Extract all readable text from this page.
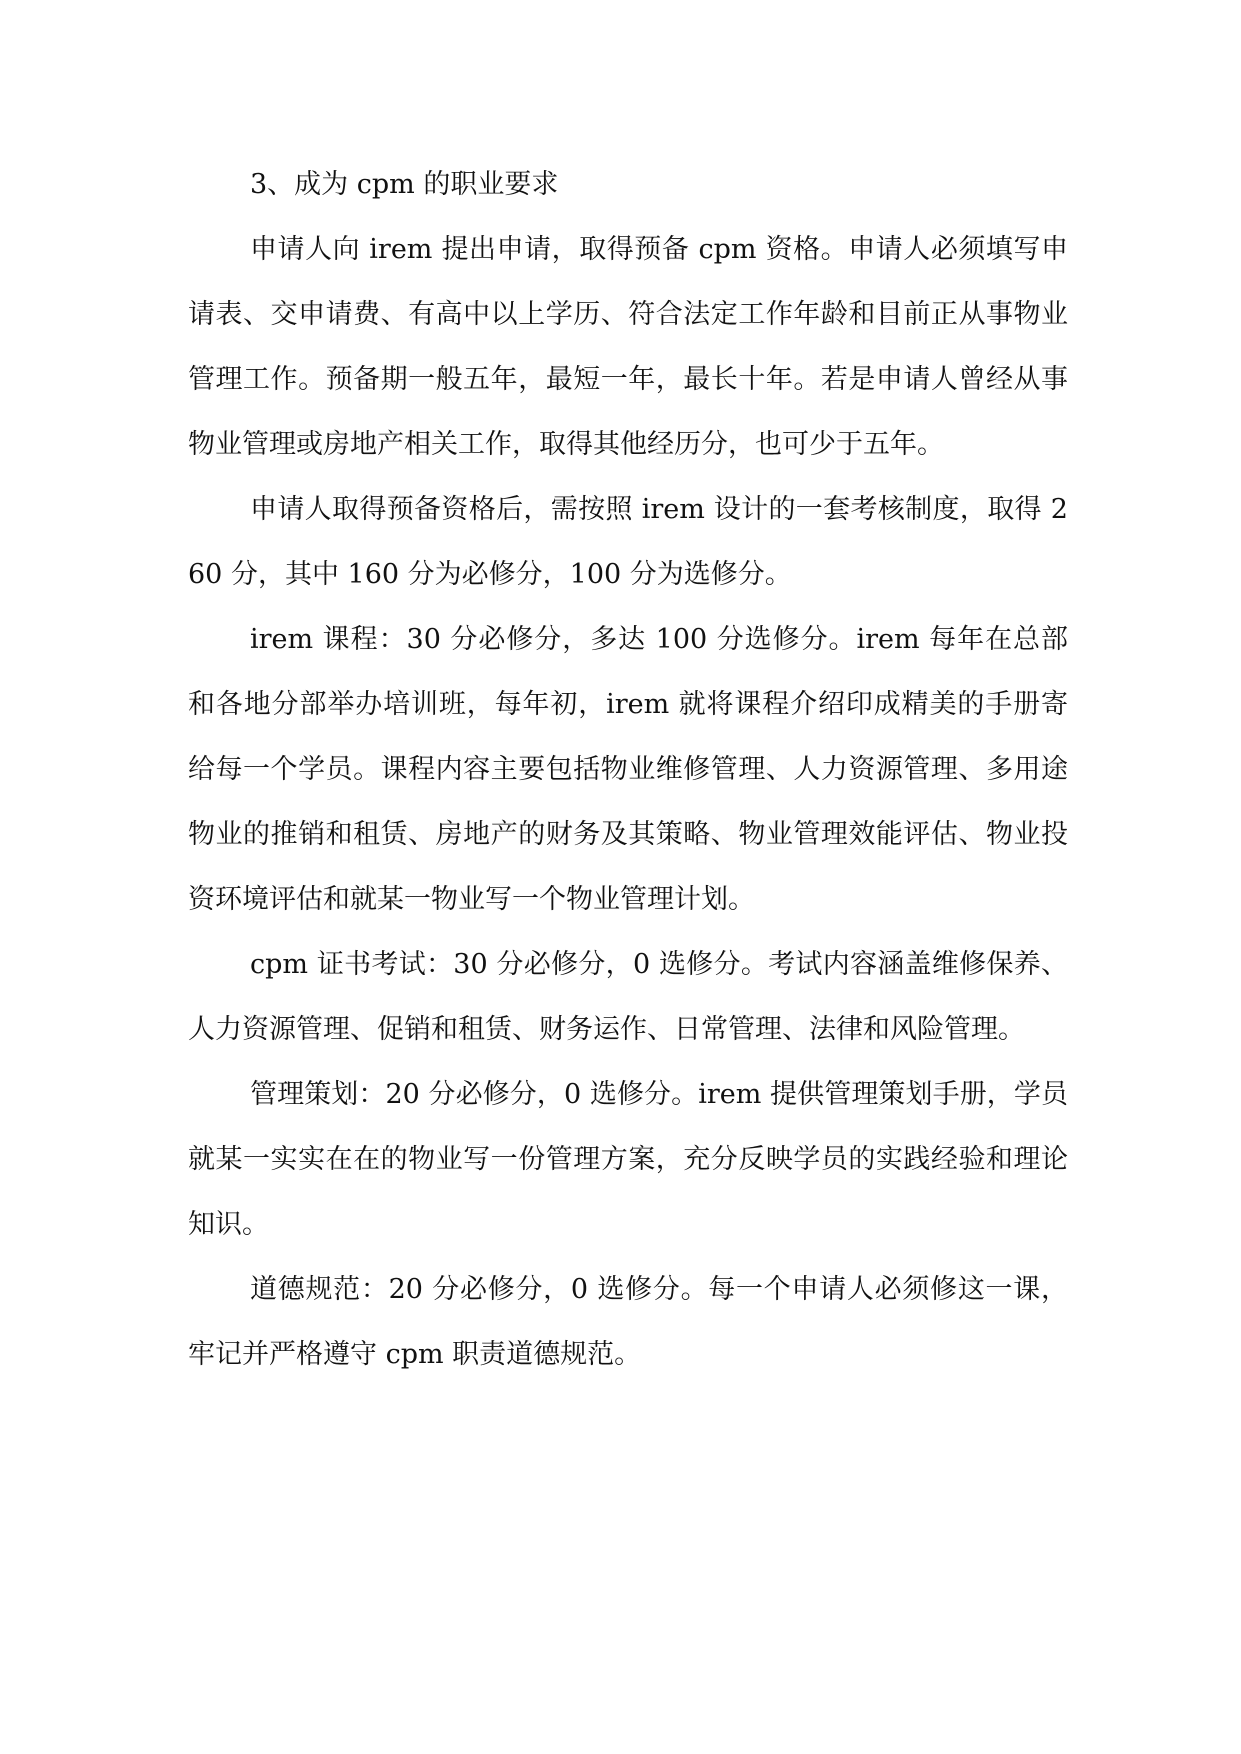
3、成为 cpm 的职业要求

申请人向 irem 提出申请，取得预备 cpm 资格。申请人必须填写申请表、交申请费、有高中以上学历、符合法定工作年龄和目前正从事物业管理工作。预备期一般五年，最短一年，最长十年。若是申请人曾经从事物业管理或房地产相关工作，取得其他经历分，也可少于五年。

申请人取得预备资格后，需按照 irem 设计的一套考核制度，取得 260 分，其中 160 分为必修分，100 分为选修分。

irem 课程：30 分必修分，多达 100 分选修分。irem 每年在总部和各地分部举办培训班，每年初，irem 就将课程介绍印成精美的手册寄给每一个学员。课程内容主要包括物业维修管理、人力资源管理、多用途物业的推销和租赁、房地产的财务及其策略、物业管理效能评估、物业投资环境评估和就某一物业写一个物业管理计划。

cpm 证书考试：30 分必修分，0 选修分。考试内容涵盖维修保养、人力资源管理、促销和租赁、财务运作、日常管理、法律和风险管理。

管理策划：20 分必修分，0 选修分。irem 提供管理策划手册，学员就某一实实在在的物业写一份管理方案，充分反映学员的实践经验和理论知识。

道德规范：20 分必修分，0 选修分。每一个申请人必须修这一课，牢记并严格遵守 cpm 职责道德规范。
